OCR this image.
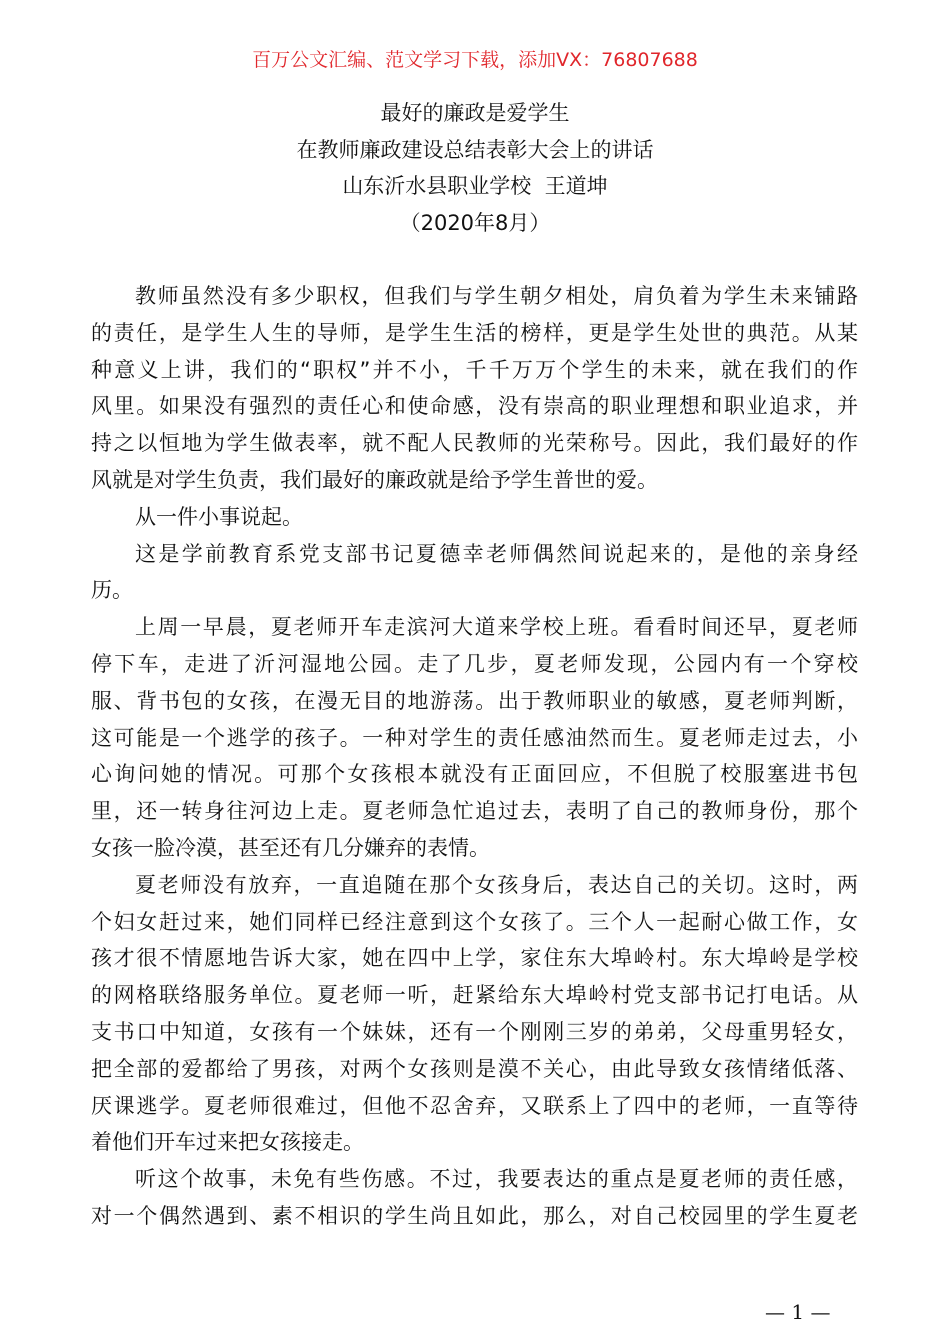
百万公文汇编、范文学习下载，添加VX：76807688
最好的廉政是爱学生
在教师廉政建设总结表彰大会上的讲话
山东沂水县职业学校  王道坤
（2020年8月）
教师虽然没有多少职权，但我们与学生朝夕相处，肩负着为学生未来铺路
的责任，是学生人生的导师，是学生生活的榜样，更是学生处世的典范。从某
种意义上讲，我们的“职权”并不小，千千万万个学生的未来，就在我们的作
风里。如果没有强烈的责任心和使命感，没有崇高的职业理想和职业追求，并
持之以恒地为学生做表率，就不配人民教师的光荣称号。因此，我们最好的作
风就是对学生负责，我们最好的廉政就是给予学生普世的爱。
从一件小事说起。
这是学前教育系党支部书记夏德幸老师偶然间说起来的，是他的亲身经
历。
上周一早晨，夏老师开车走滨河大道来学校上班。看看时间还早，夏老师
停下车，走进了沂河湿地公园。走了几步，夏老师发现，公园内有一个穿校
服、背书包的女孩，在漫无目的地游荡。出于教师职业的敏感，夏老师判断，
这可能是一个逃学的孩子。一种对学生的责任感油然而生。夏老师走过去，小
心询问她的情况。可那个女孩根本就没有正面回应，不但脱了校服塞进书包
里，还一转身往河边上走。夏老师急忙追过去，表明了自己的教师身份，那个
女孩一脸冷漠，甚至还有几分嫌弃的表情。
夏老师没有放弃，一直追随在那个女孩身后，表达自己的关切。这时，两
个妇女赶过来，她们同样已经注意到这个女孩了。三个人一起耐心做工作，女
孩才很不情愿地告诉大家，她在四中上学，家住东大埠岭村。东大埠岭是学校
的网格联络服务单位。夏老师一听，赶紧给东大埠岭村党支部书记打电话。从
支书口中知道，女孩有一个妹妹，还有一个刚刚三岁的弟弟，父母重男轻女，
把全部的爱都给了男孩，对两个女孩则是漠不关心，由此导致女孩情绪低落、
厌课逃学。夏老师很难过，但他不忍舍弃，又联系上了四中的老师，一直等待
着他们开车过来把女孩接走。
听这个故事，未免有些伤感。不过，我要表达的重点是夏老师的责任感，
对一个偶然遇到、素不相识的学生尚且如此，那么，对自己校园里的学生夏老
— 1 —
